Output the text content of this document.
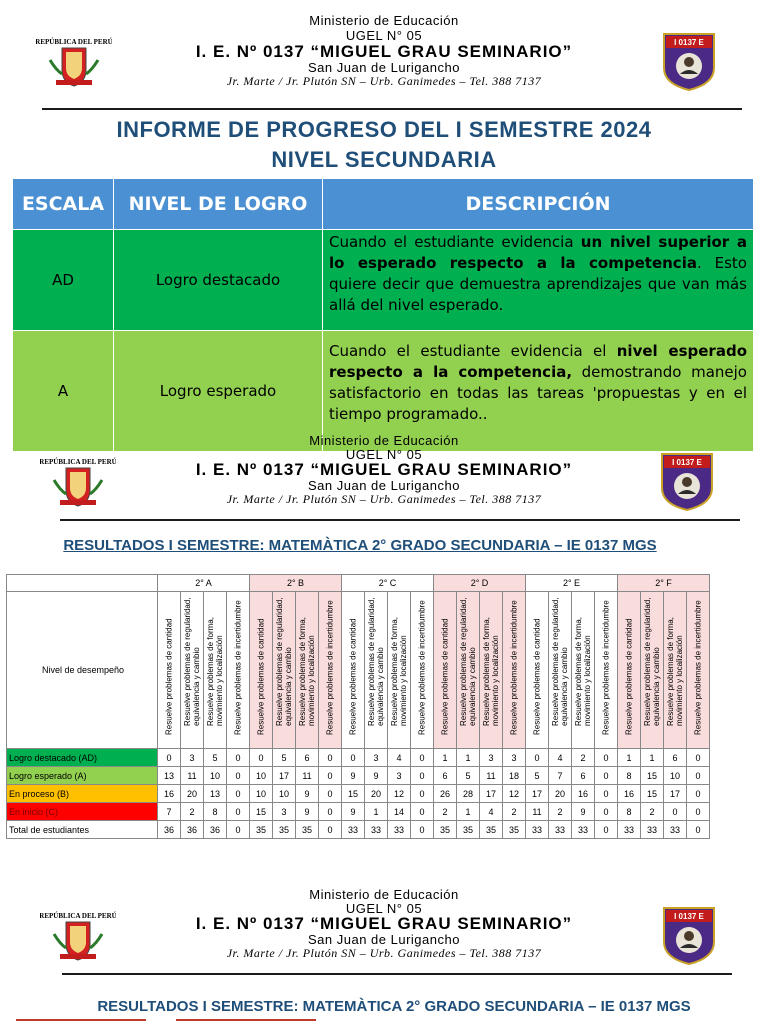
REPÚBLICA DEL PERÚ
Ministerio de Educación
UGEL N° 05
I. E. Nº 0137 “MIGUEL GRAU SEMINARIO”
San Juan de Lurigancho
Jr. Marte / Jr. Plutón SN – Urb. Ganimedes – Tel. 388 7137
I 0137 E
INFORME DE PROGRESO DEL I SEMESTRE 2024
NIVEL SECUNDARIA
ESCALA	NIVEL DE LOGRO	DESCRIPCIÓN
AD	Logro destacado	Cuando el estudiante evidencia un nivel superior a lo esperado respecto a la competencia. Esto quiere decir que demuestra aprendizajes que van más allá del nivel esperado.
A	Logro esperado	Cuando el estudiante evidencia el nivel esperado respecto a la competencia, demostrando manejo satisfactorio en todas las tareas 'propuestas y en el tiempo programado..
REPÚBLICA DEL PERÚ
Ministerio de Educación
UGEL N° 05
I. E. Nº 0137 “MIGUEL GRAU SEMINARIO”
San Juan de Lurigancho
Jr. Marte / Jr. Plutón SN – Urb. Ganimedes – Tel. 388 7137
I 0137 E
RESULTADOS I SEMESTRE: MATEMÀTICA 2° GRADO SECUNDARIA – IE 0137 MGS

	2° A				2° B				2° C				2° D				2° E				2° F			
Nivel de desempeño	Resuelve problemas de cantidad	Resuelve problemas de regularidad, equivalencia y cambio	Resuelve problemas de forma, movimiento y localización	Resuelve problemas de incertidumbre	Resuelve problemas de cantidad	Resuelve problemas de regularidad, equivalencia y cambio	Resuelve problemas de forma, movimiento y localización	Resuelve problemas de incertidumbre	Resuelve problemas de cantidad	Resuelve problemas de regularidad, equivalencia y cambio	Resuelve problemas de forma, movimiento y localización	Resuelve problemas de incertidumbre	Resuelve problemas de cantidad	Resuelve problemas de regularidad, equivalencia y cambio	Resuelve problemas de forma, movimiento y localización	Resuelve problemas de incertidumbre	Resuelve problemas de cantidad	Resuelve problemas de regularidad, equivalencia y cambio	Resuelve problemas de forma, movimiento y localización	Resuelve problemas de incertidumbre	Resuelve problemas de cantidad	Resuelve problemas de regularidad, equivalencia y cambio	Resuelve problemas de forma, movimiento y localización	Resuelve problemas de incertidumbre

Logro destacado (AD)	0	3	5	0	0	5	6	0	0	3	4	0	1	1	3	3	0	4	2	0	1	1	6	0
Logro esperado (A)	13	11	10	0	10	17	11	0	9	9	3	0	6	5	11	18	5	7	6	0	8	15	10	0
En proceso (B)	16	20	13	0	10	10	9	0	15	20	12	0	26	28	17	12	17	20	16	0	16	15	17	0
En inicio (C)	7	2	8	0	15	3	9	0	9	1	14	0	2	1	4	2	11	2	9	0	8	2	0	0
Total de estudiantes	36	36	36	0	35	35	35	0	33	33	33	0	35	35	35	35	33	33	33	0	33	33	33	0
REPÚBLICA DEL PERÚ
Ministerio de Educación
UGEL N° 05
I. E. Nº 0137 “MIGUEL GRAU SEMINARIO”
San Juan de Lurigancho
Jr. Marte / Jr. Plutón SN – Urb. Ganimedes – Tel. 388 7137
I 0137 E
RESULTADOS I SEMESTRE: MATEMÀTICA 2° GRADO SECUNDARIA – IE 0137 MGS
